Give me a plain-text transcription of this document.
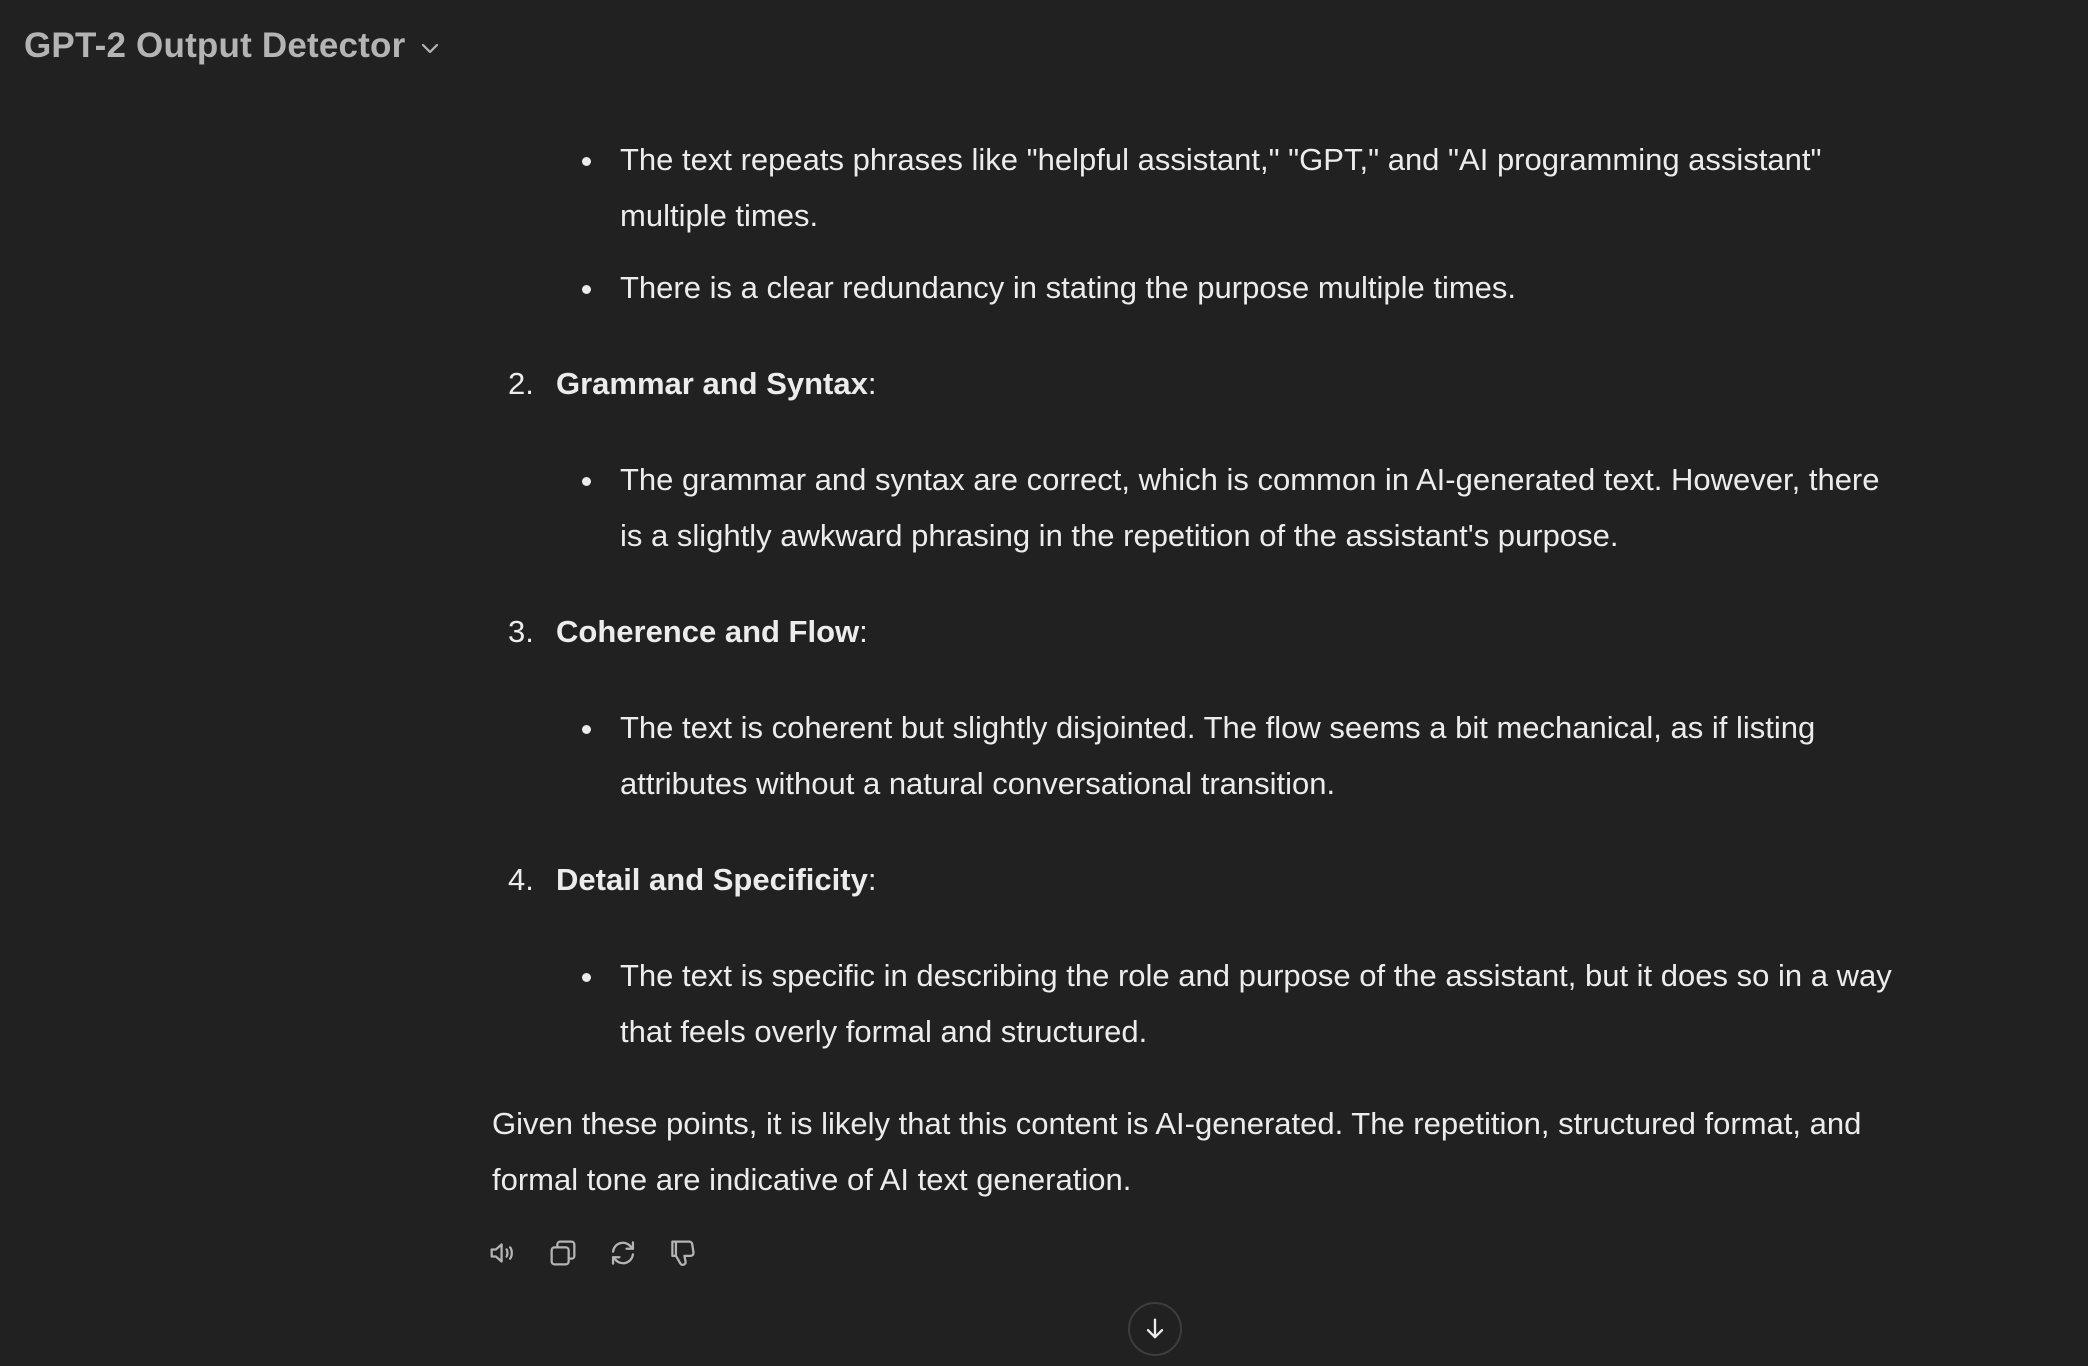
GPT-2 Output Detector
The text repeats phrases like "helpful assistant," "GPT," and "AI programming assistant" multiple times.
There is a clear redundancy in stating the purpose multiple times.
2. Grammar and Syntax:
The grammar and syntax are correct, which is common in AI-generated text. However, there is a slightly awkward phrasing in the repetition of the assistant's purpose.
3. Coherence and Flow:
The text is coherent but slightly disjointed. The flow seems a bit mechanical, as if listing attributes without a natural conversational transition.
4. Detail and Specificity:
The text is specific in describing the role and purpose of the assistant, but it does so in a way that feels overly formal and structured.

Given these points, it is likely that this content is AI-generated. The repetition, structured format, and formal tone are indicative of AI text generation.
